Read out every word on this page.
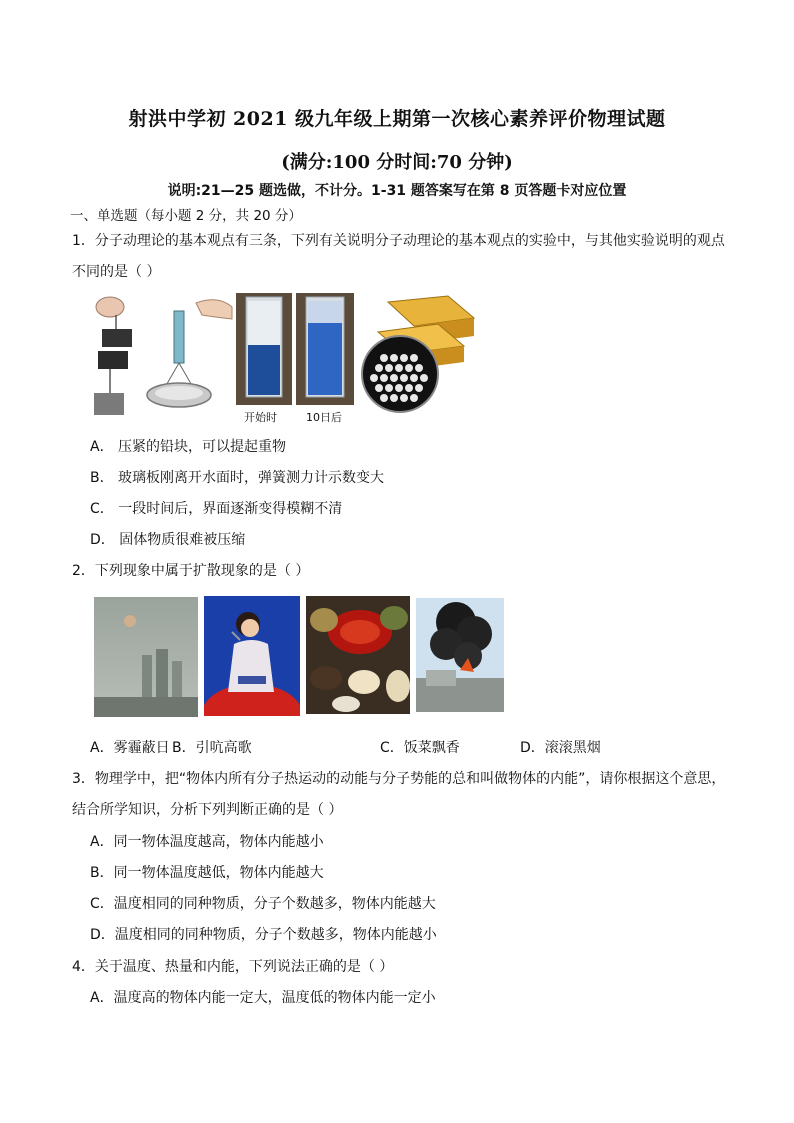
射洪中学初 2021 级九年级上期第一次核心素养评价物理试题
(满分:100 分时间:70 分钟)
说明:21—25 题选做，不计分。1-31 题答案写在第 8 页答题卡对应位置
一、单选题（每小题 2 分，共 20 分）
1．分子动理论的基本观点有三条，下列有关说明分子动理论的基本观点的实验中，与其他实验说明的观点
不同的是（ ）
开始时	10日后
A． 压紧的铅块，可以提起重物
B． 玻璃板刚离开水面时，弹簧测力计示数变大
C． 一段时间后，界面逐渐变得模糊不清
D． 固体物质很难被压缩
2．下列现象中属于扩散现象的是（ ）
A．雾霾蔽日 B．引吭高歌	C．饭菜飘香	D．滚滚黑烟
3．物理学中，把“物体内所有分子热运动的动能与分子势能的总和叫做物体的内能”，请你根据这个意思，
结合所学知识，分析下列判断正确的是（ ）
A．同一物体温度越高，物体内能越小
B．同一物体温度越低，物体内能越大
C．温度相同的同种物质，分子个数越多，物体内能越大
D．温度相同的同种物质，分子个数越多，物体内能越小
4．关于温度、热量和内能，下列说法正确的是（ ）
A．温度高的物体内能一定大，温度低的物体内能一定小
